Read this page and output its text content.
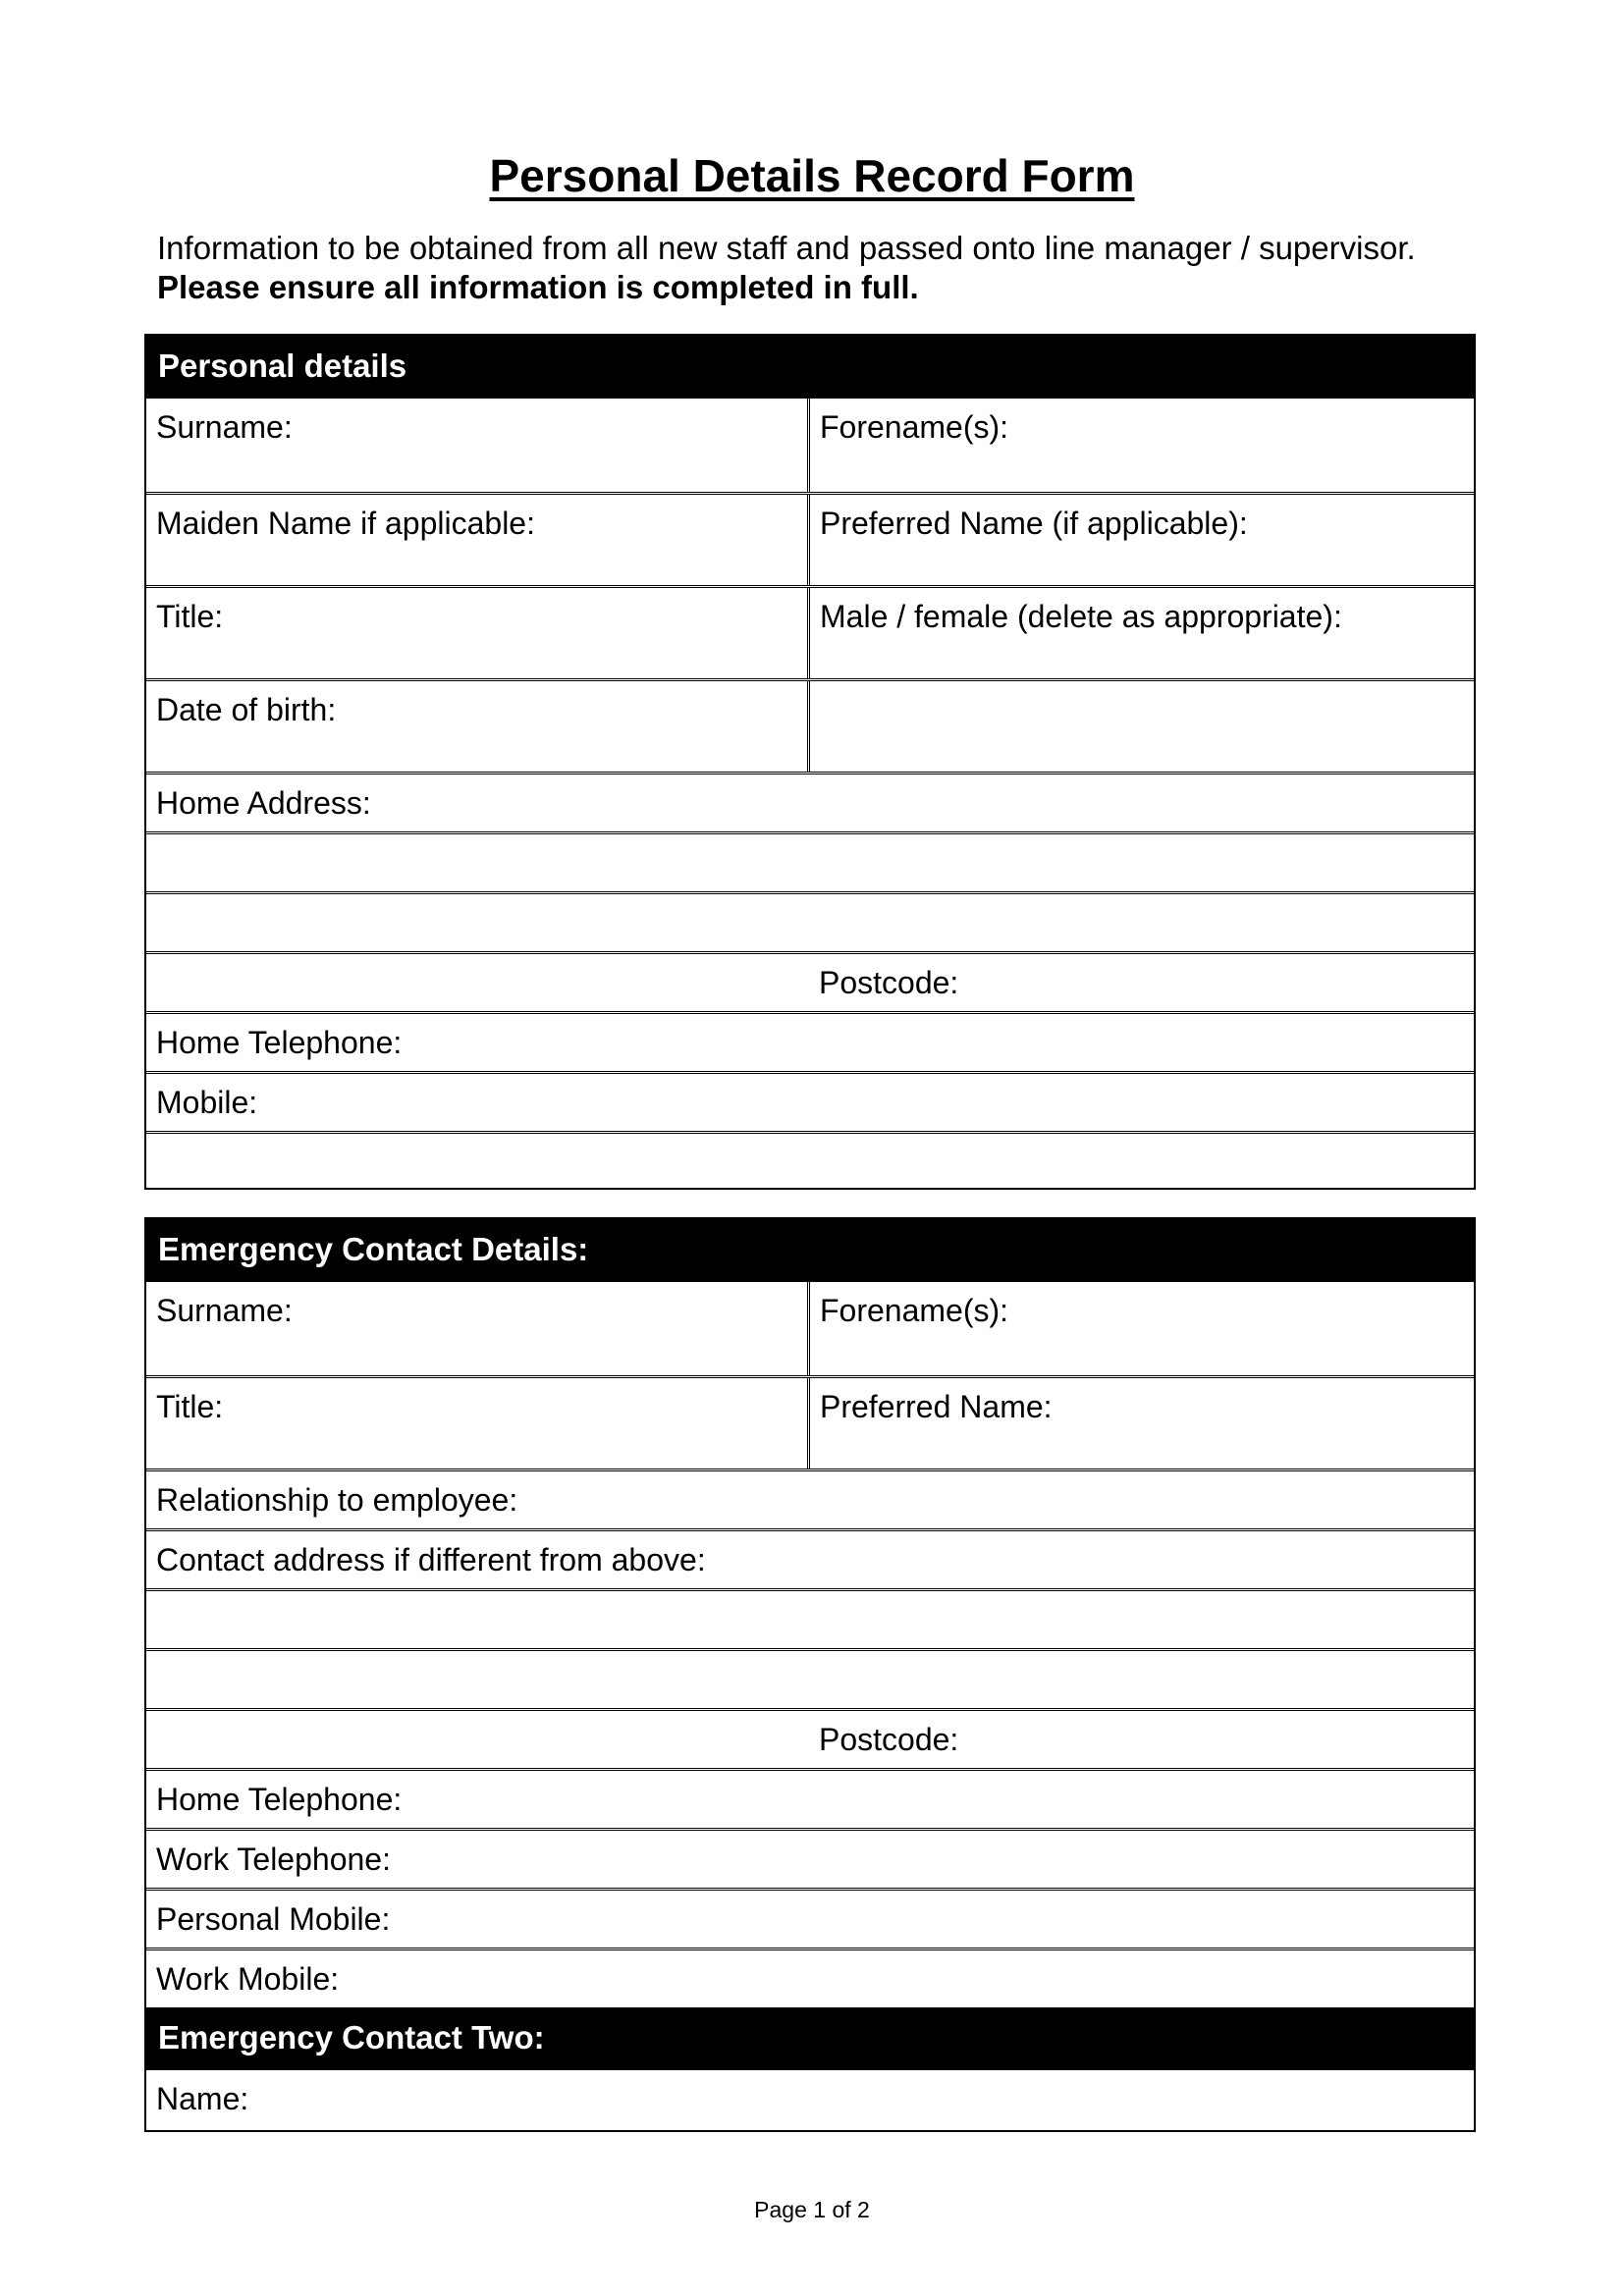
Personal Details Record Form
Information to be obtained from all new staff and passed onto line manager / supervisor.
Please ensure all information is completed in full.
Personal details
Surname:	Forename(s):
Maiden Name if applicable:	Preferred Name (if applicable):
Title:	Male / female (delete as appropriate):
Date of birth:
Home Address:
Postcode:
Home Telephone:
Mobile:
Emergency Contact Details:
Surname:	Forename(s):
Title:	Preferred Name:
Relationship to employee:
Contact address if different from above:
Postcode:
Home Telephone:
Work Telephone:
Personal Mobile:
Work Mobile:
Emergency Contact Two:
Name:
Page 1 of 2
